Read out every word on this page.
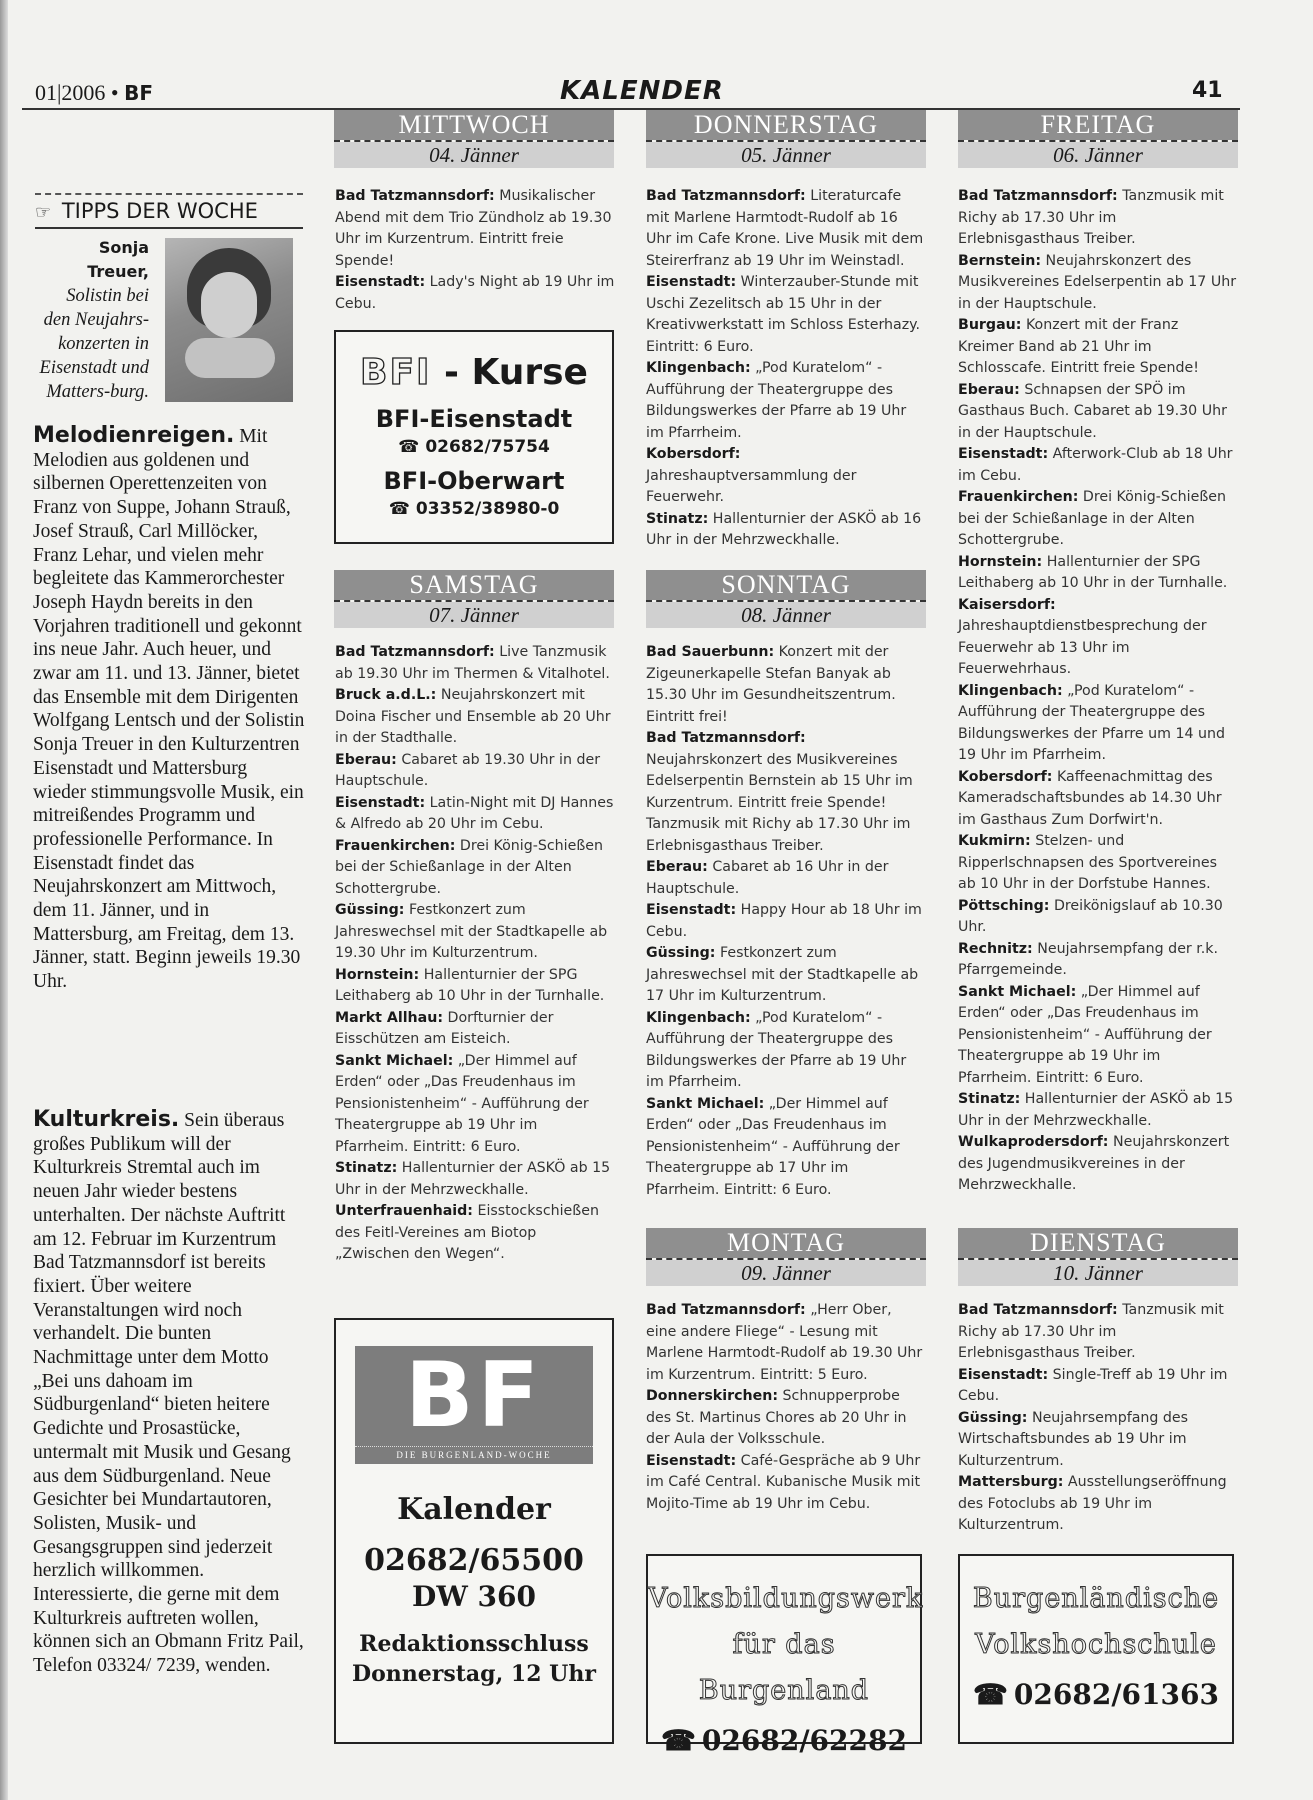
01|2006 • BF	KALENDER	41
☞ TIPPS DER WOCHE
Sonja Treuer,
Solistin bei den Neujahrs-konzerten in Eisenstadt und Matters-burg.

Melodienreigen. Mit Melodien aus goldenen und silbernen Operettenzeiten von Franz von Suppe, Johann Strauß, Josef Strauß, Carl Millöcker, Franz Lehar, und vielen mehr begleitete das Kammerorchester Joseph Haydn bereits in den Vorjahren traditionell und gekonnt ins neue Jahr. Auch heuer, und zwar am 11. und 13. Jänner, bietet das Ensemble mit dem Dirigenten Wolfgang Lentsch und der Solistin Sonja Treuer in den Kulturzentren Eisenstadt und Mattersburg wieder stimmungsvolle Musik, ein mitreißendes Programm und professionelle Performance. In Eisenstadt findet das Neujahrskonzert am Mittwoch, dem 11. Jänner, und in Mattersburg, am Freitag, dem 13. Jänner, statt. Beginn jeweils 19.30 Uhr.

Kulturkreis. Sein überaus großes Publikum will der Kulturkreis Stremtal auch im neuen Jahr wieder bestens unterhalten. Der nächste Auftritt am 12. Februar im Kurzentrum Bad Tatzmannsdorf ist bereits fixiert. Über weitere Veranstaltungen wird noch verhandelt. Die bunten Nachmittage unter dem Motto „Bei uns dahoam im Südburgenland“ bieten heitere Gedichte und Prosastücke, untermalt mit Musik und Gesang aus dem Südburgenland. Neue Gesichter bei Mundartautoren, Solisten, Musik- und Gesangsgruppen sind jederzeit herzlich willkommen. Interessierte, die gerne mit dem Kulturkreis auftreten wollen, können sich an Obmann Fritz Pail, Telefon 03324/ 7239, wenden.

MITTWOCH
04. Jänner
DONNERSTAG
05. Jänner
FREITAG
06. Jänner
SAMSTAG
07. Jänner
SONNTAG
08. Jänner
MONTAG
09. Jänner
DIENSTAG
10. Jänner

Bad Tatzmannsdorf: Musikalischer Abend mit dem Trio Zündholz ab 19.30 Uhr im Kurzentrum. Eintritt freie Spende!

Eisenstadt: Lady's Night ab 19 Uhr im Cebu.

Bad Tatzmannsdorf: Literaturcafe mit Marlene Harmtodt-Rudolf ab 16 Uhr im Cafe Krone. Live Musik mit dem Steirerfranz ab 19 Uhr im Weinstadl.

Eisenstadt: Winterzauber-Stunde mit Uschi Zezelitsch ab 15 Uhr in der Kreativwerkstatt im Schloss Esterhazy. Eintritt: 6 Euro.

Klingenbach: „Pod Kuratelom“ - Aufführung der Theatergruppe des Bildungswerkes der Pfarre ab 19 Uhr im Pfarrheim.

Kobersdorf: Jahreshauptversammlung der Feuerwehr.

Stinatz: Hallenturnier der ASKÖ ab 16 Uhr in der Mehrzweckhalle.

Bad Tatzmannsdorf: Tanzmusik mit Richy ab 17.30 Uhr im Erlebnisgasthaus Treiber.

Bernstein: Neujahrskonzert des Musikvereines Edelserpentin ab 17 Uhr in der Hauptschule.

Burgau: Konzert mit der Franz Kreimer Band ab 21 Uhr im Schlosscafe. Eintritt freie Spende!

Eberau: Schnapsen der SPÖ im Gasthaus Buch. Cabaret ab 19.30 Uhr in der Hauptschule.

Eisenstadt: Afterwork-Club ab 18 Uhr im Cebu.

Frauenkirchen: Drei König-Schießen bei der Schießanlage in der Alten Schottergrube.

Hornstein: Hallenturnier der SPG Leithaberg ab 10 Uhr in der Turnhalle.

Kaisersdorf: Jahreshauptdienstbesprechung der Feuerwehr ab 13 Uhr im Feuerwehrhaus.

Klingenbach: „Pod Kuratelom“ - Aufführung der Theatergruppe des Bildungswerkes der Pfarre um 14 und 19 Uhr im Pfarrheim.

Kobersdorf: Kaffeenachmittag des Kameradschaftsbundes ab 14.30 Uhr im Gasthaus Zum Dorfwirt'n.

Kukmirn: Stelzen- und Ripperlschnapsen des Sportvereines ab 10 Uhr in der Dorfstube Hannes.

Pöttsching: Dreikönigslauf ab 10.30 Uhr.

Rechnitz: Neujahrsempfang der r.k. Pfarrgemeinde.

Sankt Michael: „Der Himmel auf Erden“ oder „Das Freudenhaus im Pensionistenheim“ - Aufführung der Theatergruppe ab 19 Uhr im Pfarrheim. Eintritt: 6 Euro.

Stinatz: Hallenturnier der ASKÖ ab 15 Uhr in der Mehrzweckhalle.

Wulkaprodersdorf: Neujahrskonzert des Jugendmusikvereines in der Mehrzweckhalle.

Bad Tatzmannsdorf: Live Tanzmusik ab 19.30 Uhr im Thermen & Vitalhotel.

Bruck a.d.L.: Neujahrskonzert mit Doina Fischer und Ensemble ab 20 Uhr in der Stadthalle.

Eberau: Cabaret ab 19.30 Uhr in der Hauptschule.

Eisenstadt: Latin-Night mit DJ Hannes & Alfredo ab 20 Uhr im Cebu.

Frauenkirchen: Drei König-Schießen bei der Schießanlage in der Alten Schottergrube.

Güssing: Festkonzert zum Jahreswechsel mit der Stadtkapelle ab 19.30 Uhr im Kulturzentrum.

Hornstein: Hallenturnier der SPG Leithaberg ab 10 Uhr in der Turnhalle.

Markt Allhau: Dorfturnier der Eisschützen am Eisteich.

Sankt Michael: „Der Himmel auf Erden“ oder „Das Freudenhaus im Pensionistenheim“ - Aufführung der Theatergruppe ab 19 Uhr im Pfarrheim. Eintritt: 6 Euro.

Stinatz: Hallenturnier der ASKÖ ab 15 Uhr in der Mehrzweckhalle.

Unterfrauenhaid: Eisstockschießen des Feitl-Vereines am Biotop „Zwischen den Wegen“.

Bad Sauerbunn: Konzert mit der Zigeunerkapelle Stefan Banyak ab 15.30 Uhr im Gesundheitszentrum. Eintritt frei!

Bad Tatzmannsdorf: Neujahrskonzert des Musikvereines Edelserpentin Bernstein ab 15 Uhr im Kurzentrum. Eintritt freie Spende! Tanzmusik mit Richy ab 17.30 Uhr im Erlebnisgasthaus Treiber.

Eberau: Cabaret ab 16 Uhr in der Hauptschule.

Eisenstadt: Happy Hour ab 18 Uhr im Cebu.

Güssing: Festkonzert zum Jahreswechsel mit der Stadtkapelle ab 17 Uhr im Kulturzentrum.

Klingenbach: „Pod Kuratelom“ - Aufführung der Theatergruppe des Bildungswerkes der Pfarre ab 19 Uhr im Pfarrheim.

Sankt Michael: „Der Himmel auf Erden“ oder „Das Freudenhaus im Pensionistenheim“ - Aufführung der Theatergruppe ab 17 Uhr im Pfarrheim. Eintritt: 6 Euro.

Bad Tatzmannsdorf: „Herr Ober, eine andere Fliege“ - Lesung mit Marlene Harmtodt-Rudolf ab 19.30 Uhr im Kurzentrum. Eintritt: 5 Euro.

Donnerskirchen: Schnupperprobe des St. Martinus Chores ab 20 Uhr in der Aula der Volksschule.

Eisenstadt: Café-Gespräche ab 9 Uhr im Café Central. Kubanische Musik mit Mojito-Time ab 19 Uhr im Cebu.

Bad Tatzmannsdorf: Tanzmusik mit Richy ab 17.30 Uhr im Erlebnisgasthaus Treiber.

Eisenstadt: Single-Treff ab 19 Uhr im Cebu.

Güssing: Neujahrsempfang des Wirtschaftsbundes ab 19 Uhr im Kulturzentrum.

Mattersburg: Ausstellungseröffnung des Fotoclubs ab 19 Uhr im Kulturzentrum.

BFI - Kurse
BFI-Eisenstadt
☎ 02682/75754
BFI-Oberwart
☎ 03352/38980-0
BF
DIE BURGENLAND-WOCHE
Kalender
02682/65500
DW 360
Redaktionsschluss
Donnerstag, 12 Uhr
Volksbildungswerk
für das Burgenland
☎ 02682/62282
Burgenländische
Volkshochschule
☎ 02682/61363
